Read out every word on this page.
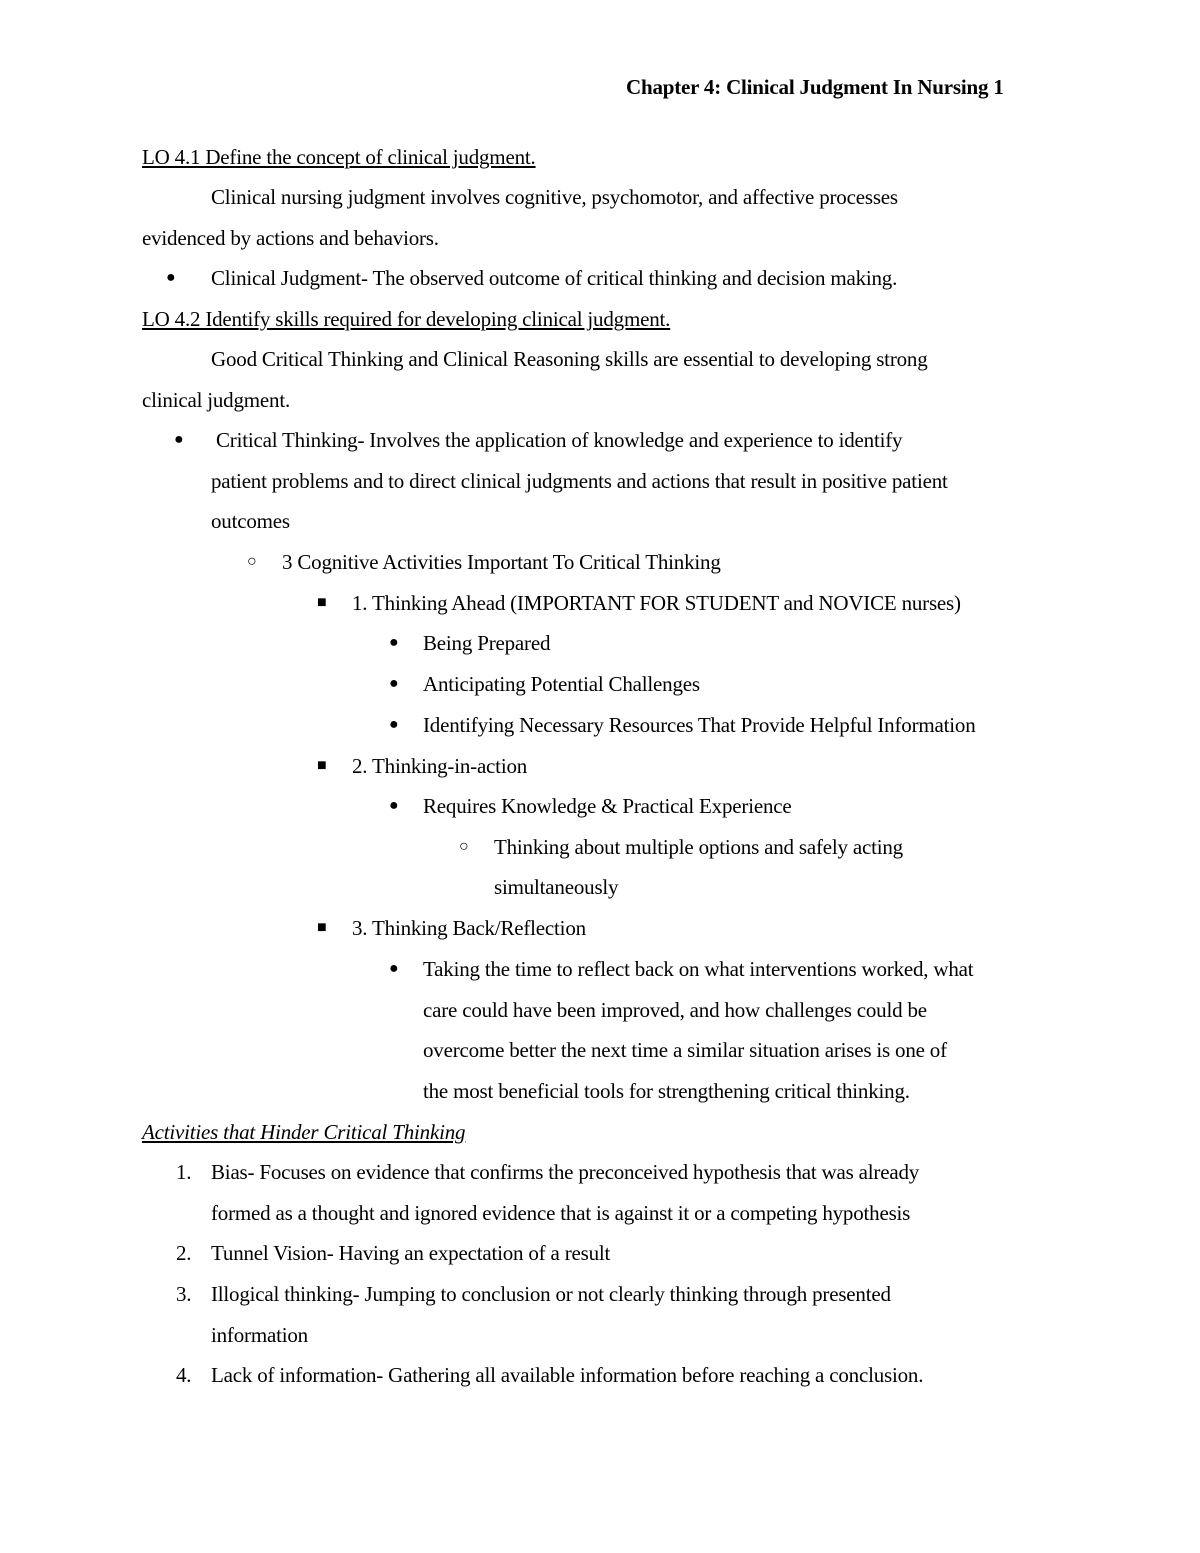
Chapter 4: Clinical Judgment In Nursing 1
LO 4.1 Define the concept of clinical judgment.
Clinical nursing judgment involves cognitive, psychomotor, and affective processes
evidenced by actions and behaviors.
● Clinical Judgment- The observed outcome of critical thinking and decision making.
LO 4.2 Identify skills required for developing clinical judgment.
Good Critical Thinking and Clinical Reasoning skills are essential to developing strong
clinical judgment.
● Critical Thinking- Involves the application of knowledge and experience to identify
patient problems and to direct clinical judgments and actions that result in positive patient
outcomes
○ 3 Cognitive Activities Important To Critical Thinking
■ 1. Thinking Ahead (IMPORTANT FOR STUDENT and NOVICE nurses)
● Being Prepared
● Anticipating Potential Challenges
● Identifying Necessary Resources That Provide Helpful Information
■ 2. Thinking-in-action
● Requires Knowledge & Practical Experience
○ Thinking about multiple options and safely acting
simultaneously
■ 3. Thinking Back/Reflection
● Taking the time to reflect back on what interventions worked, what
care could have been improved, and how challenges could be
overcome better the next time a similar situation arises is one of
the most beneficial tools for strengthening critical thinking.
Activities that Hinder Critical Thinking
1. Bias- Focuses on evidence that confirms the preconceived hypothesis that was already
formed as a thought and ignored evidence that is against it or a competing hypothesis
2. Tunnel Vision- Having an expectation of a result
3. Illogical thinking- Jumping to conclusion or not clearly thinking through presented
information
4. Lack of information- Gathering all available information before reaching a conclusion.
